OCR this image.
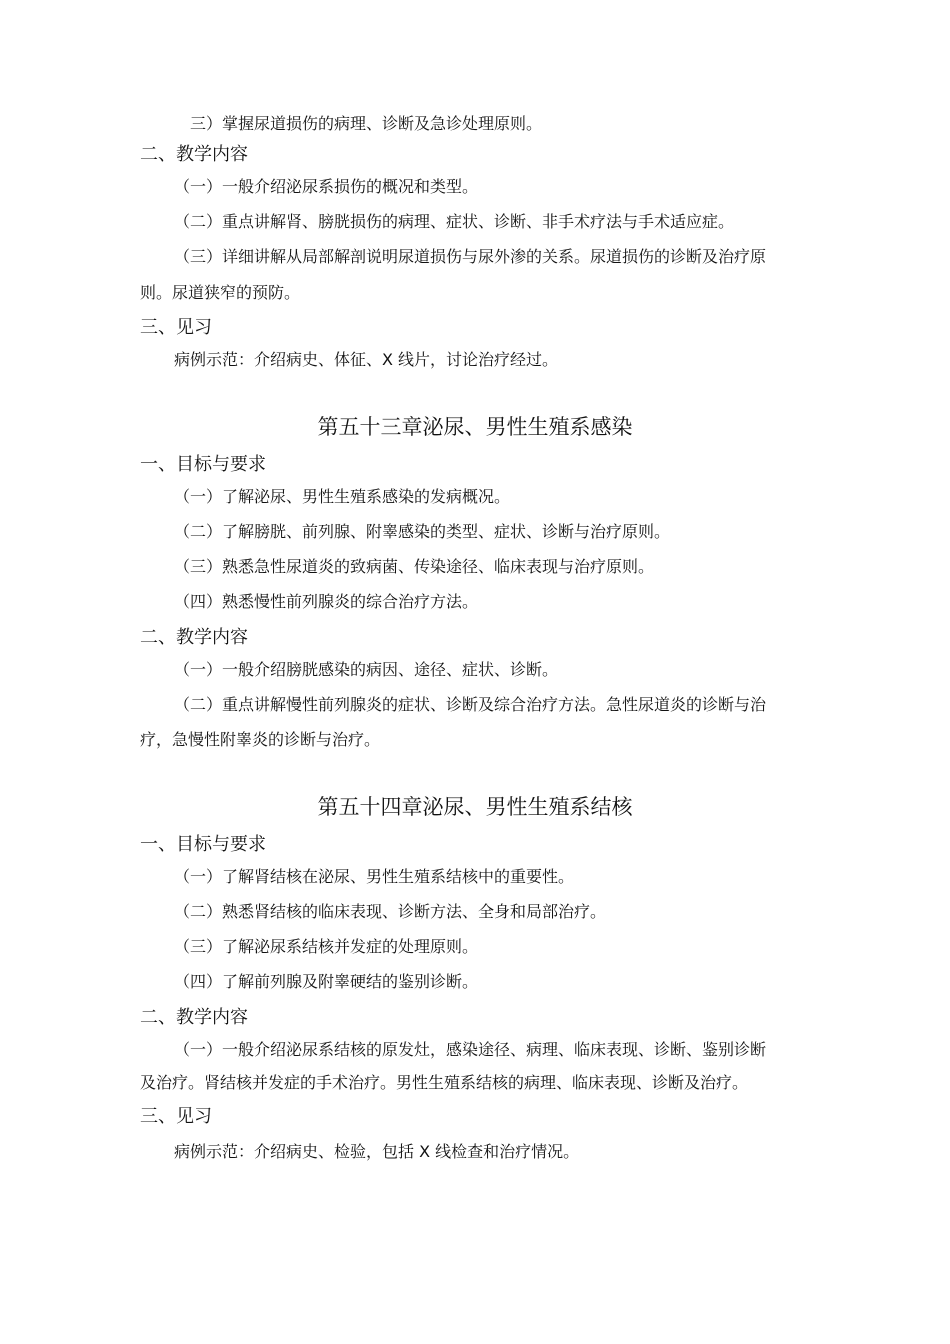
三）掌握尿道损伤的病理、诊断及急诊处理原则。
二、教学内容
（一）一般介绍泌尿系损伤的概况和类型。
（二）重点讲解肾、膀胱损伤的病理、症状、诊断、非手术疗法与手术适应症。
（三）详细讲解从局部解剖说明尿道损伤与尿外渗的关系。尿道损伤的诊断及治疗原
则。尿道狭窄的预防。
三、见习
病例示范：介绍病史、体征、X 线片，讨论治疗经过。
第五十三章泌尿、男性生殖系感染
一、目标与要求
（一）了解泌尿、男性生殖系感染的发病概况。
（二）了解膀胱、前列腺、附睾感染的类型、症状、诊断与治疗原则。
（三）熟悉急性尿道炎的致病菌、传染途径、临床表现与治疗原则。
（四）熟悉慢性前列腺炎的综合治疗方法。
二、教学内容
（一）一般介绍膀胱感染的病因、途径、症状、诊断。
（二）重点讲解慢性前列腺炎的症状、诊断及综合治疗方法。急性尿道炎的诊断与治
疗，急慢性附睾炎的诊断与治疗。
第五十四章泌尿、男性生殖系结核
一、目标与要求
（一）了解肾结核在泌尿、男性生殖系结核中的重要性。
（二）熟悉肾结核的临床表现、诊断方法、全身和局部治疗。
（三）了解泌尿系结核并发症的处理原则。
（四）了解前列腺及附睾硬结的鉴别诊断。
二、教学内容
（一）一般介绍泌尿系结核的原发灶，感染途径、病理、临床表现、诊断、鉴别诊断
及治疗。肾结核并发症的手术治疗。男性生殖系结核的病理、临床表现、诊断及治疗。
三、见习
病例示范：介绍病史、检验，包括 X 线检查和治疗情况。
